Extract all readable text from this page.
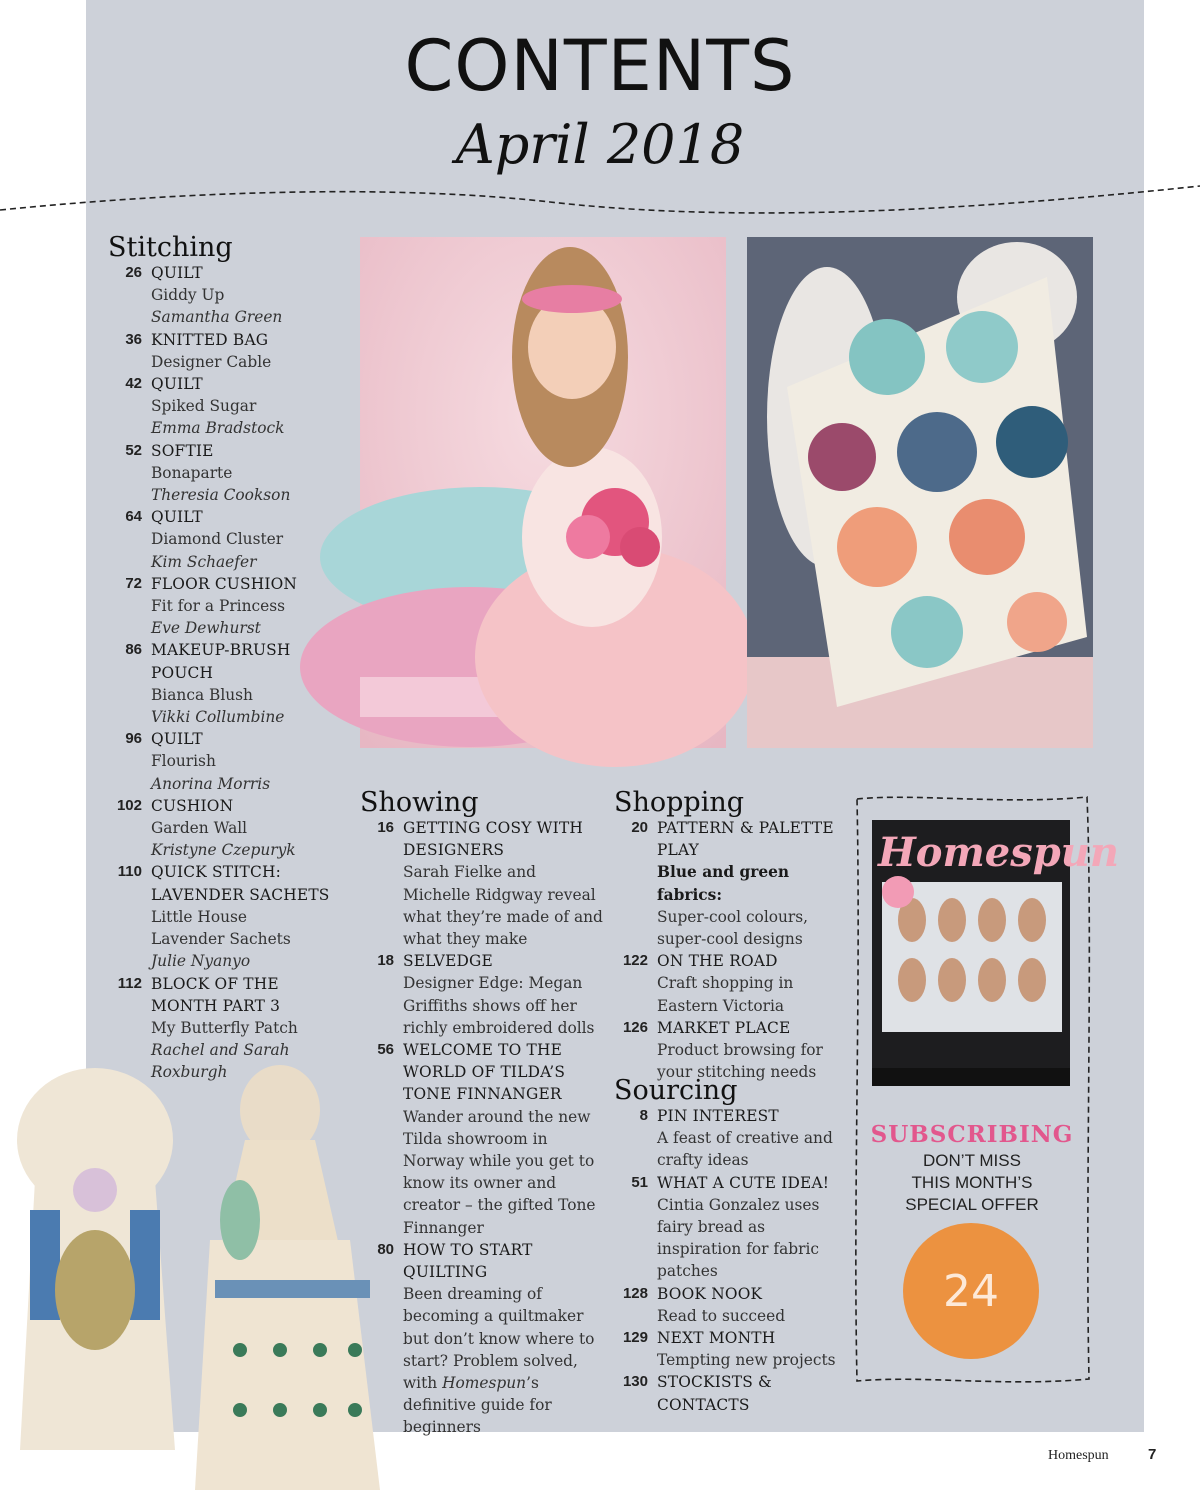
CONTENTS
April 2018
Stitching
26 QUILT
Giddy Up
Samantha Green
36 KNITTED BAG
Designer Cable
42 QUILT
Spiked Sugar
Emma Bradstock
52 SOFTIE
Bonaparte
Theresia Cookson
64 QUILT
Diamond Cluster
Kim Schaefer
72 FLOOR CUSHION
Fit for a Princess
Eve Dewhurst
86 MAKEUP-BRUSH POUCH
Bianca Blush
Vikki Collumbine
96 QUILT
Flourish
Anorina Morris
102 CUSHION
Garden Wall
Kristyne Czepuryk
110 QUICK STITCH: LAVENDER SACHETS
Little House
Lavender Sachets
Julie Nyanyo
112 BLOCK OF THE MONTH PART 3
My Butterfly Patch
Rachel and Sarah Roxburgh
Showing
16 GETTING COSY WITH DESIGNERS
Sarah Fielke and Michelle Ridgway reveal what they’re made of and what they make
18 SELVEDGE
Designer Edge: Megan Griffiths shows off her richly embroidered dolls
56 WELCOME TO THE WORLD OF TILDA’S TONE FINNANGER
Wander around the new Tilda showroom in Norway while you get to know its owner and creator – the gifted Tone Finnanger
80 HOW TO START QUILTING
Been dreaming of becoming a quiltmaker but don’t know where to start? Problem solved, with Homespun’s definitive guide for beginners
Shopping
20 PATTERN & PALETTE PLAY
Blue and green fabrics:
Super-cool colours, super-cool designs
122 ON THE ROAD
Craft shopping in Eastern Victoria
126 MARKET PLACE
Product browsing for your stitching needs
Sourcing
8 PIN INTEREST
A feast of creative and crafty ideas
51 WHAT A CUTE IDEA!
Cintia Gonzalez uses fairy bread as inspiration for fabric patches
128 BOOK NOOK
Read to succeed
129 NEXT MONTH
Tempting new projects
130 STOCKISTS & CONTACTS
Homespun
SUBSCRIBING
DON’T MISS
THIS MONTH’S
SPECIAL OFFER
24
Homespun	7
